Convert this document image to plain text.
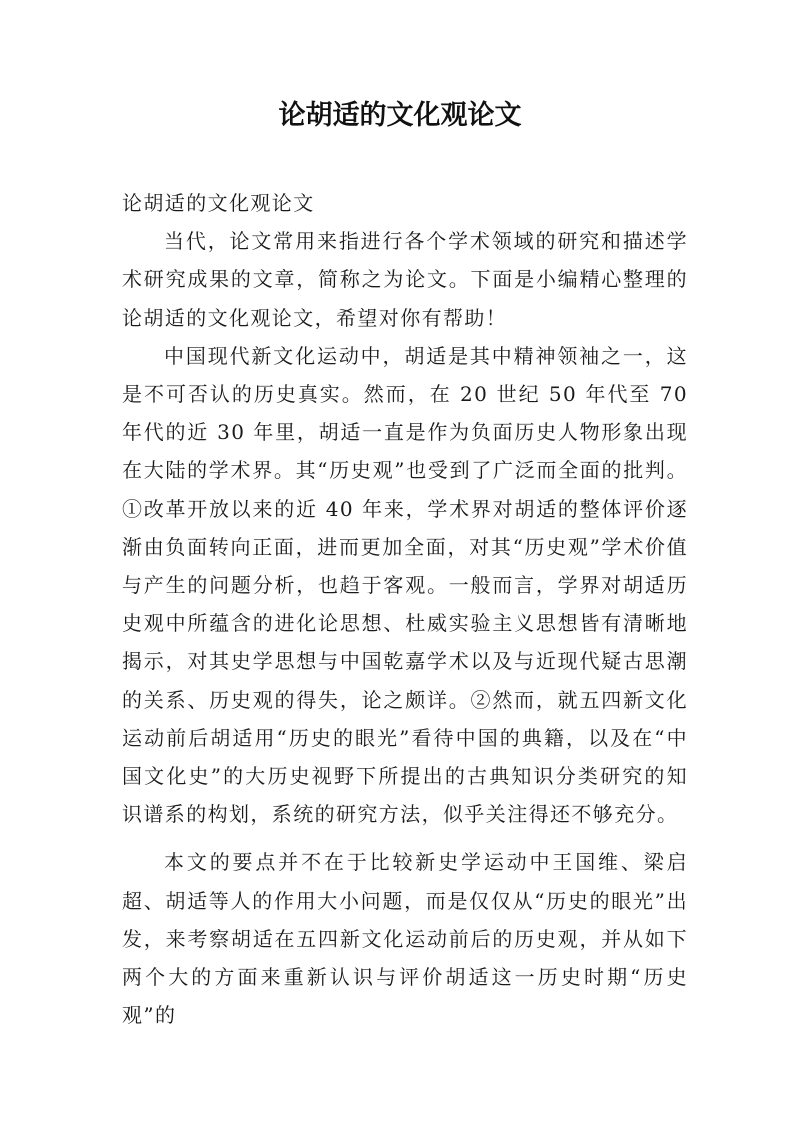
论胡适的文化观论文

论胡适的文化观论文

当代，论文常用来指进行各个学术领域的研究和描述学术研究成果的文章，简称之为论文。下面是小编精心整理的论胡适的文化观论文，希望对你有帮助！

中国现代新文化运动中，胡适是其中精神领袖之一，这是不可否认的历史真实。然而，在 20 世纪 50 年代至 70 年代的近 30 年里，胡适一直是作为负面历史人物形象出现在大陆的学术界。其“历史观”也受到了广泛而全面的批判。①改革开放以来的近 40 年来，学术界对胡适的整体评价逐渐由负面转向正面，进而更加全面，对其“历史观”学术价值与产生的问题分析，也趋于客观。一般而言，学界对胡适历史观中所蕴含的进化论思想、杜威实验主义思想皆有清晰地揭示，对其史学思想与中国乾嘉学术以及与近现代疑古思潮的关系、历史观的得失，论之颇详。②然而，就五四新文化运动前后胡适用“历史的眼光”看待中国的典籍，以及在“中国文化史”的大历史视野下所提出的古典知识分类研究的知识谱系的构划，系统的研究方法，似乎关注得还不够充分。

本文的要点并不在于比较新史学运动中王国维、梁启超、胡适等人的作用大小问题，而是仅仅从“历史的眼光”出发，来考察胡适在五四新文化运动前后的历史观，并从如下两个大的方面来重新认识与评价胡适这一历史时期“历史观”的
